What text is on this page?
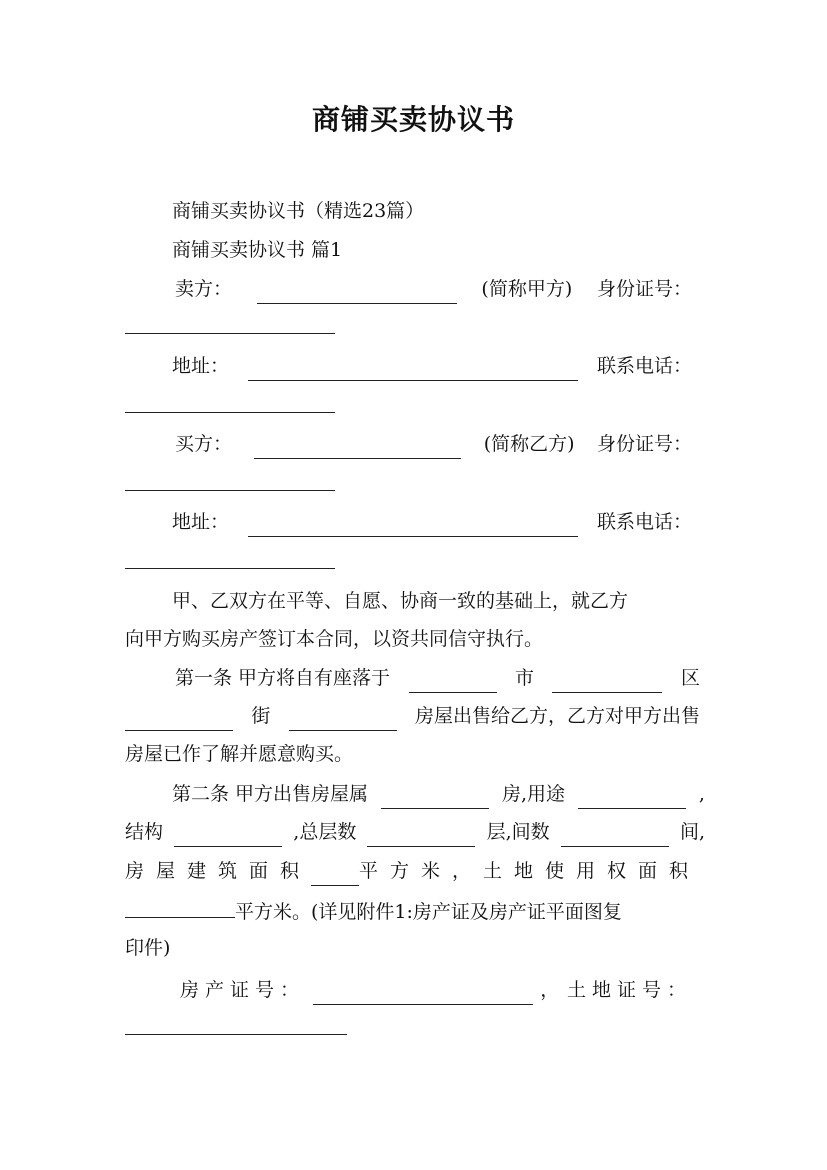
商铺买卖协议书
商铺买卖协议书（精选23篇）
商铺买卖协议书 篇1
卖方：	(简称甲方) 身份证号：
地址：	联系电话：
买方：	(简称乙方) 身份证号：
地址：	联系电话：
甲、乙双方在平等、自愿、协商一致的基础上，就乙方
向甲方购买房产签订本合同，以资共同信守执行。
第一条 甲方将自有座落于	市	区
街	房屋出售给乙方，乙方对甲方出售
房屋已作了解并愿意购买。
第二条 甲方出售房屋属	房,用途	,
结构	,总层数	层,间数	间,
房屋建筑面积	平方米， 土地使用权面积
平方米。(详见附件1:房产证及房产证平面图复
印件)
房产证号：	， 土地证号：
